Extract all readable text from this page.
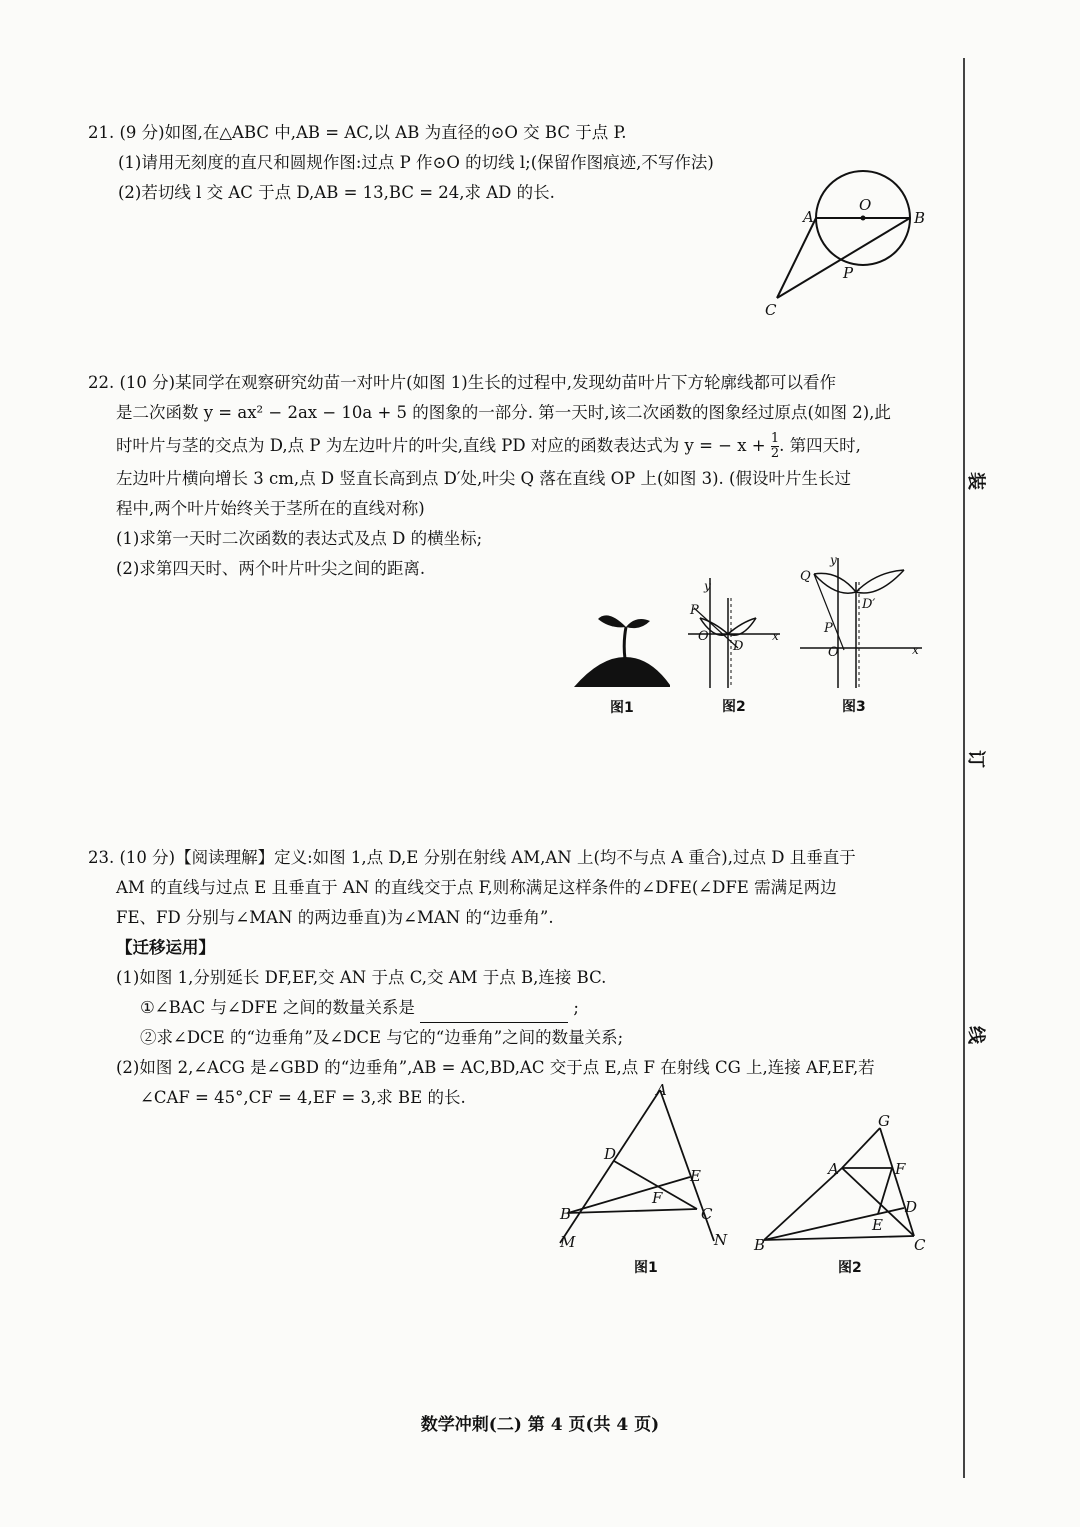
21. (9 分)如图,在△ABC 中,AB = AC,以 AB 为直径的⊙O 交 BC 于点 P.
(1)请用无刻度的直尺和圆规作图:过点 P 作⊙O 的切线 l;(保留作图痕迹,不写作法)
(2)若切线 l 交 AC 于点 D,AB = 13,BC = 24,求 AD 的长.
A
O
B
P
C
22. (10 分)某同学在观察研究幼苗一对叶片(如图 1)生长的过程中,发现幼苗叶片下方轮廓线都可以看作
是二次函数 y = ax² − 2ax − 10a + 5 的图象的一部分. 第一天时,该二次函数的图象经过原点(如图 2),此
时叶片与茎的交点为 D,点 P 为左边叶片的叶尖,直线 PD 对应的函数表达式为 y = − $x + \frac{1}{2}$ . 第四天时,
左边叶片横向增长 3 cm,点 D 竖直长高到点 D′处,叶尖 Q 落在直线 OP 上(如图 3). (假设叶片生长过
程中,两个叶片始终关于茎所在的直线对称)
(1)求第一天时二次函数的表达式及点 D 的横坐标;
(2)求第四天时、两个叶片叶尖之间的距离.
图1
y
P
O
D
x
图2
y
Q
D′
P
O	x
图3
23. (10 分)【阅读理解】定义:如图 1,点 D,E 分别在射线 AM,AN 上(均不与点 A 重合),过点 D 且垂直于
AM 的直线与过点 E 且垂直于 AN 的直线交于点 F,则称满足这样条件的∠DFE(∠DFE 需满足两边
FE、FD 分别与∠MAN 的两边垂直)为∠MAN 的“边垂角”.
【迁移运用】
(1)如图 1,分别延长 DF,EF,交 AN 于点 C,交 AM 于点 B,连接 BC.
①∠BAC 与∠DFE 之间的数量关系是	;
②求∠DCE 的“边垂角”及∠DCE 与它的“边垂角”之间的数量关系;
(2)如图 2,∠ACG 是∠GBD 的“边垂角”,AB = AC,BD,AC 交于点 E,点 F 在射线 CG 上,连接 AF,EF,若
∠CAF = 45°,CF = 4,EF = 3,求 BE 的长.	A
D
E
F
B	C
M	N
图1
G
A	F
D
E
B	C
图2
装
订
线
数学冲刺(二) 第 4 页(共 4 页)
